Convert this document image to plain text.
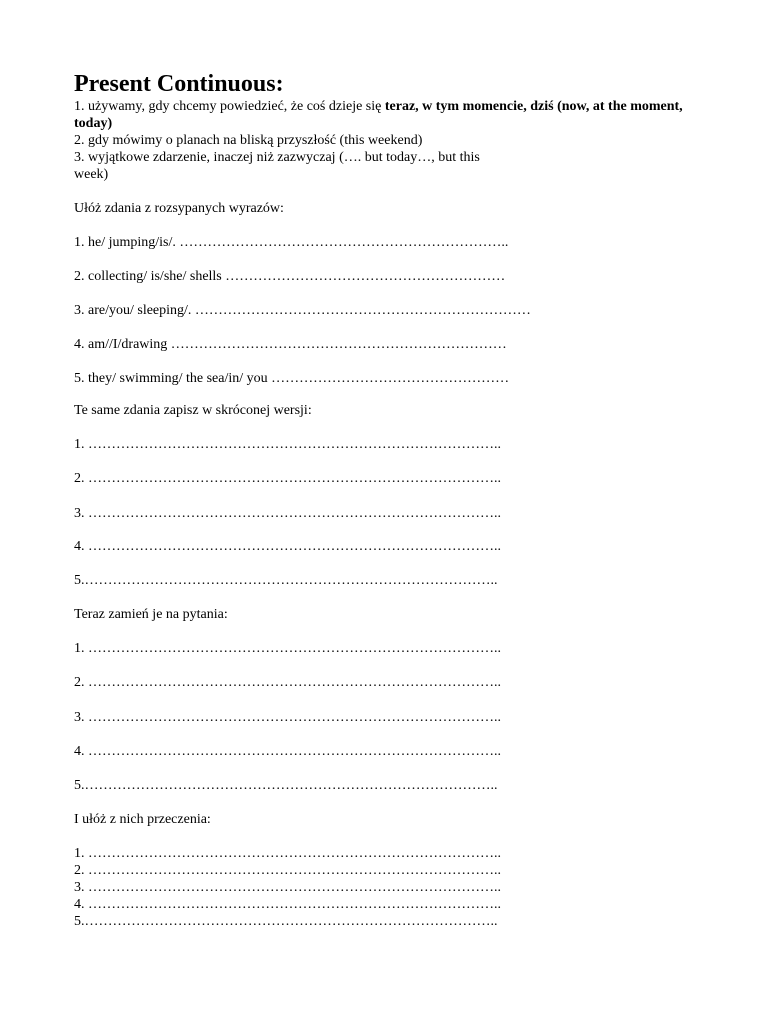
Present Continuous:

1. używamy, gdy chcemy powiedzieć, że coś dzieje się teraz, w tym momencie, dziś (now, at the moment, today)

2. gdy mówimy o planach na bliską przyszłość (this weekend)

3. wyjątkowe zdarzenie, inaczej niż zazwyczaj (…. but today…, but this
week)

Ułóż zdania z rozsypanych wyrazów:

1. he/ jumping/is/. ……………………………………………………………..

2. collecting/ is/she/ shells ……………………………………………………

3. are/you/ sleeping/. ………………………………………………………………

4. am//I/drawing ………………………………………………………………

5. they/ swimming/ the sea/in/ you ……………………………………………

Te same zdania zapisz w skróconej wersji:

1. ……………………………………………………………………………..

2. ……………………………………………………………………………..

3. ……………………………………………………………………………..

4. ……………………………………………………………………………..

5.……………………………………………………………………………..

Teraz zamień je na pytania:

1. ……………………………………………………………………………..

2. ……………………………………………………………………………..

3. ……………………………………………………………………………..

4. ……………………………………………………………………………..

5.……………………………………………………………………………..

I ułóż z nich przeczenia:

1. ……………………………………………………………………………..

2. ……………………………………………………………………………..

3. ……………………………………………………………………………..

4. ……………………………………………………………………………..

5.……………………………………………………………………………..
